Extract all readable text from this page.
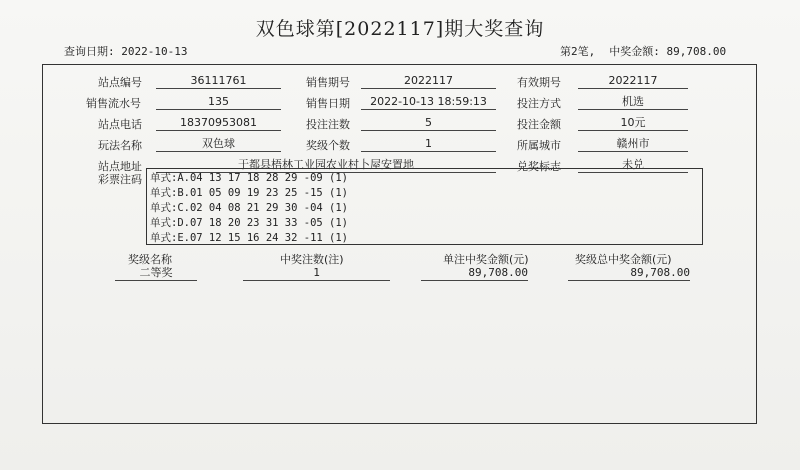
双色球第[2022117]期大奖查询
查询日期: 2022-10-13	第2笔, 中奖金额: 89,708.00
站点编号	36111761	销售期号	2022117	有效期号	2022117
销售流水号	135	销售日期	2022-10-13 18:59:13	投注方式	机选
站点电话	18370953081	投注注数	5	投注金额	10元
玩法名称	双色球	奖级个数	1	所属城市	赣州市
站点地址	于都县梧林工业园农业村卜屋安置地	兑奖标志	未兑
彩票注码
奖级名称	中奖注数(注)	单注中奖金额(元)	奖级总中奖金额(元)
二等奖	1	89,708.00	89,708.00
单式:A.04 13 17 18 28 29 -09 (1)
单式:B.01 05 09 19 23 25 -15 (1)
单式:C.02 04 08 21 29 30 -04 (1)
单式:D.07 18 20 23 31 33 -05 (1)
单式:E.07 12 15 16 24 32 -11 (1)
